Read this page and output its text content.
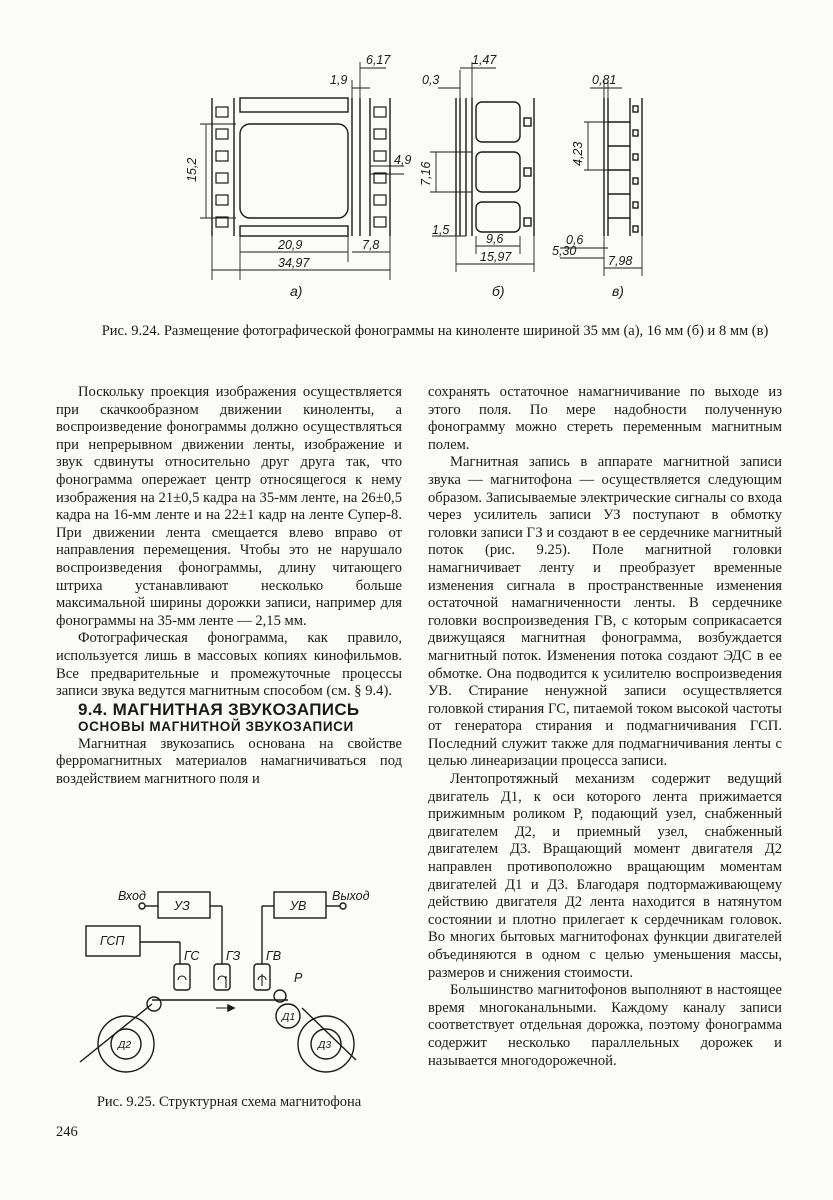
6,17
1,9
15,2	4,9
20,9	7,8
34,97
а)
1,47
0,3
7,16
1,5
9,6
15,97
б)
0,81
4,23
0,6
5,30
7,98
в)
Рис. 9.24. Размещение фотографической фонограммы на киноленте шириной 35 мм (а), 16 мм (б) и 8 мм (в)

Поскольку проекция изображения осуществляется при скачкообразном движении киноленты, а воспроизведение фонограммы должно осуществляться при непрерывном движении ленты, изображение и звук сдвинуты относительно друг друга так, что фонограмма опережает центр относящегося к нему изображения на 21±0,5 кадра на 35-мм ленте, на 26±0,5 кадра на 16-мм ленте и на 22±1 кадр на ленте Супер-8. При движении лента смещается влево вправо от направления перемещения. Чтобы это не нарушало воспроизведения фонограммы, длину читающего штриха устанавливают несколько больше максимальной ширины дорожки записи, например для фонограммы на 35-мм ленте — 2,15 мм.

Фотографическая фонограмма, как правило, используется лишь в массовых копиях кинофильмов. Все предварительные и промежуточные процессы записи звука ведутся магнитным способом (см. § 9.4).

9.4. МАГНИТНАЯ ЗВУКОЗАПИСЬ

ОСНОВЫ МАГНИТНОЙ ЗВУКОЗАПИСИ

Магнитная звукозапись основана на свойстве ферромагнитных материалов намагничиваться под воздействием магнитного поля и

Вход	Выход
УЗ	УВ
ГСП
ГС ГЗ ГВ
Р
Д1
Д2	Д3
Рис. 9.25. Структурная схема магнитофона
246

сохранять остаточное намагничивание по выходе из этого поля. По мере надобности полученную фонограмму можно стереть переменным магнитным полем.

Магнитная запись в аппарате магнитной записи звука — магнитофона — осуществляется следующим образом. Записываемые электрические сигналы со входа через усилитель записи УЗ поступают в обмотку головки записи ГЗ и создают в ее сердечнике магнитный поток (рис. 9.25). Поле магнитной головки намагничивает ленту и преобразует временные изменения сигнала в пространственные изменения остаточной намагниченности ленты. В сердечнике головки воспроизведения ГВ, с которым соприкасается движущаяся магнитная фонограмма, возбуждается магнитный поток. Изменения потока создают ЭДС в ее обмотке. Она подводится к усилителю воспроизведения УВ. Стирание ненужной записи осуществляется головкой стирания ГС, питаемой током высокой частоты от генератора стирания и подмагничивания ГСП. Последний служит также для подмагничивания ленты с целью линеаризации процесса записи.

Лентопротяжный механизм содержит ведущий двигатель Д1, к оси которого лента прижимается прижимным роликом Р, подающий узел, снабженный двигателем Д2, и приемный узел, снабженный двигателем Д3. Вращающий момент двигателя Д2 направлен противоположно вращающим моментам двигателей Д1 и Д3. Благодаря подтормаживающему действию двигателя Д2 лента находится в натянутом состоянии и плотно прилегает к сердечникам головок. Во многих бытовых магнитофонах функции двигателей объединяются в одном с целью уменьшения массы, размеров и снижения стоимости.

Большинство магнитофонов выполняют в настоящее время многоканальными. Каждому каналу записи соответствует отдельная дорожка, поэтому фонограмма содержит несколько параллельных дорожек и называется многодорожечной.
